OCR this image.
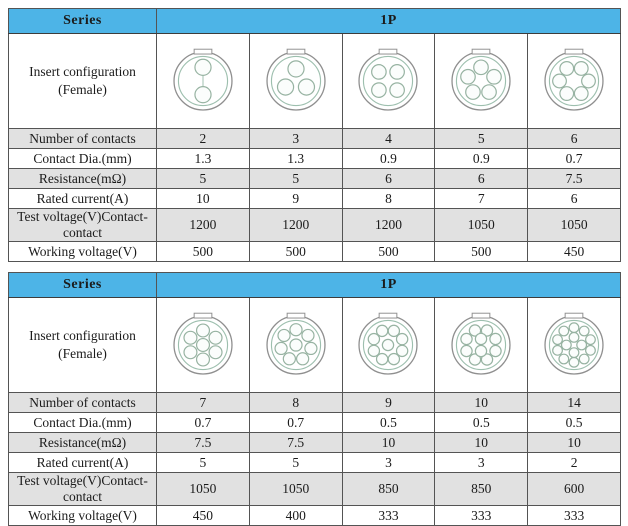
Series	1P				

Insert configuration
(Female)

Number of contacts	2	3	4	5	6
Contact Dia.(mm)	1.3	1.3	0.9	0.9	0.7
Resistance(mΩ)	5	5	6	6	7.5
Rated current(A)	10	9	8	7	6
Test voltage(V)Contact-contact	1200	1200	1200	1050	1050
Working voltage(V)	500	500	500	500	450
Series	1P				

Insert configuration
(Female)

Number of contacts	7	8	9	10	14
Contact Dia.(mm)	0.7	0.7	0.5	0.5	0.5
Resistance(mΩ)	7.5	7.5	10	10	10
Rated current(A)	5	5	3	3	2
Test voltage(V)Contact-contact	1050	1050	850	850	600
Working voltage(V)	450	400	333	333	333
